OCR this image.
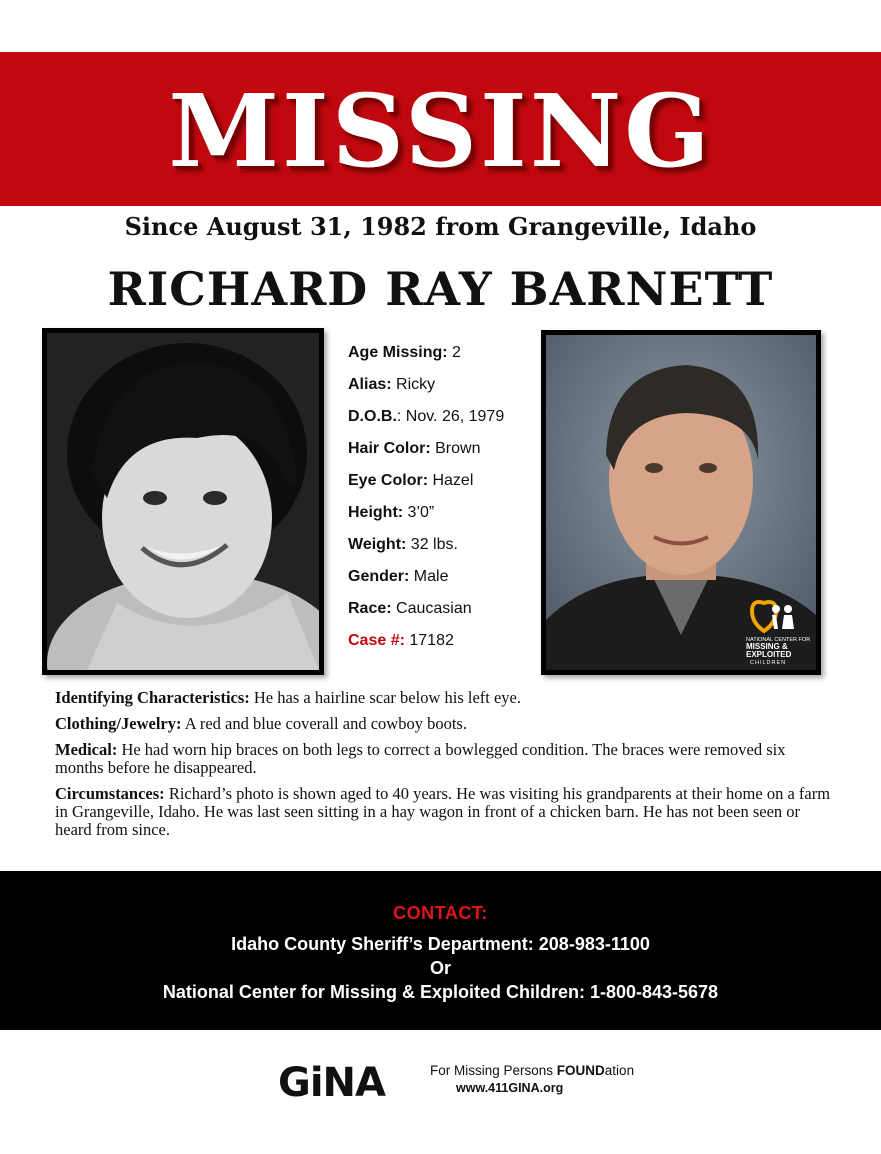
MISSING
Since August 31, 1982 from Grangeville, Idaho
RICHARD RAY BARNETT
Age Missing: 2
Alias: Ricky
D.O.B.: Nov. 26, 1979
Hair Color: Brown
Eye Color: Hazel
Height: 3’0”
Weight: 32 lbs.
Gender: Male
Race: Caucasian
Case #: 17182	NATIONAL CENTER FOR
MISSING &
EXPLOITED
CHILDREN
Identifying Characteristics: He has a hairline scar below his left eye.
Clothing/Jewelry: A red and blue coverall and cowboy boots.
Medical: He had worn hip braces on both legs to correct a bowlegged condition. The braces were removed six months before he disappeared.
Circumstances: Richard’s photo is shown aged to 40 years. He was visiting his grandparents at their home on a farm in Grangeville, Idaho. He was last seen sitting in a hay wagon in front of a chicken barn. He has not been seen or heard from since.
CONTACT:
Idaho County Sheriff’s Department: 208-983-1100
Or
National Center for Missing & Exploited Children: 1-800-843-5678
GiNA	For Missing Persons FOUNDation
www.411GINA.org
